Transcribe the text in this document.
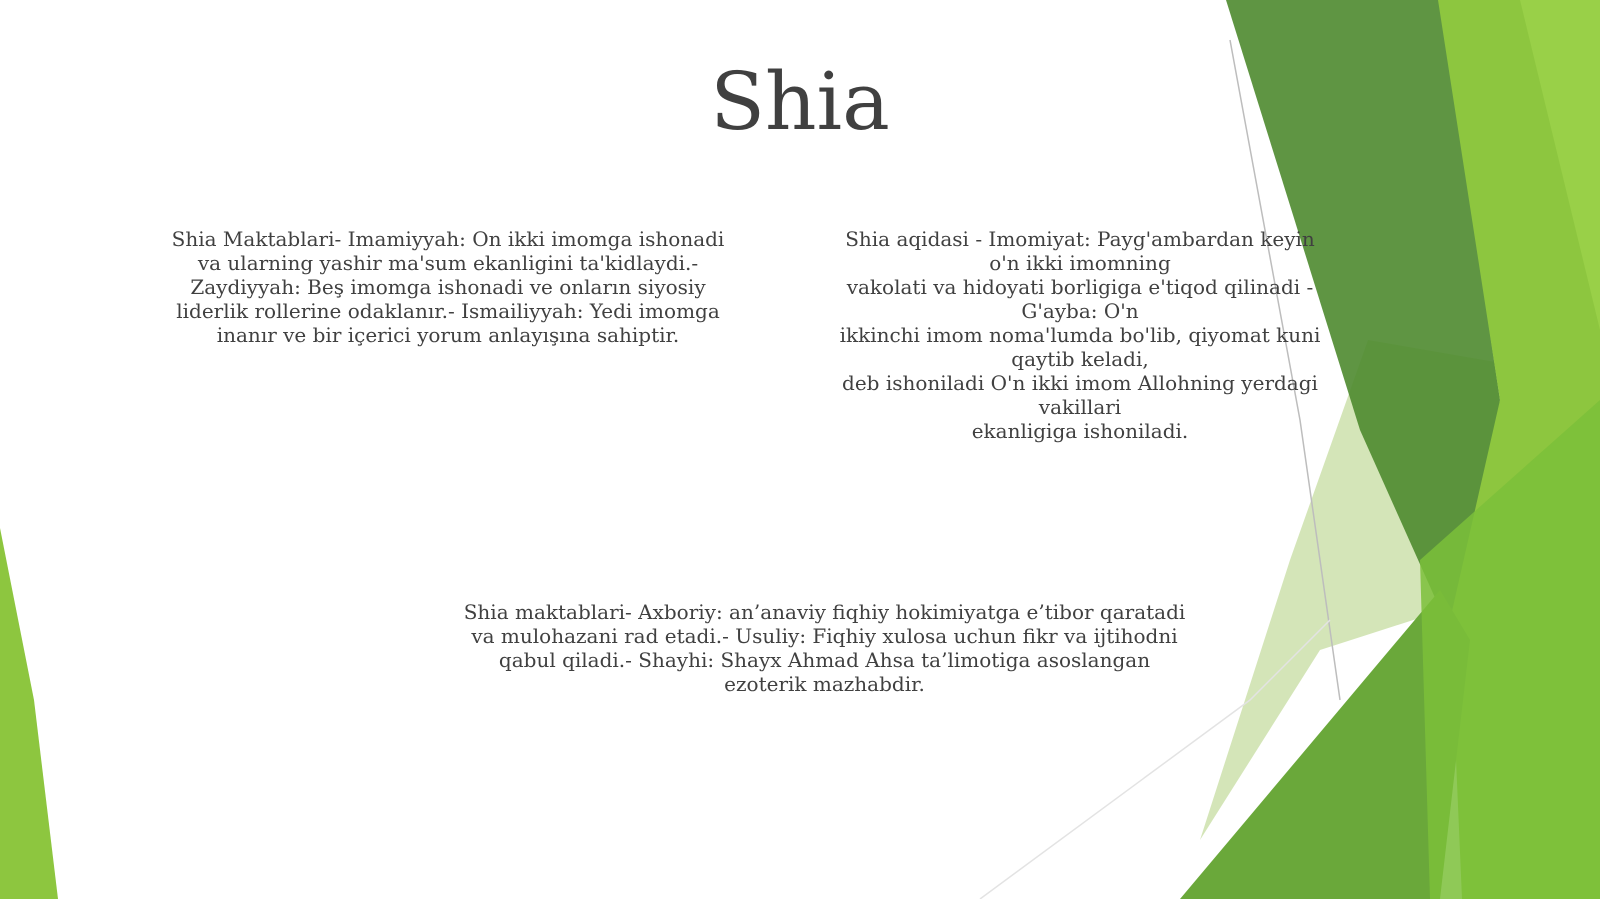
Shia
Shia Maktablari- Imamiyyah: On ikki imomga ishonadi va ularning yashir ma'sum ekanligini ta'kidlaydi.- Zaydiyyah: Beş imomga ishonadi ve onların siyosiy liderlik rollerine odaklanır.- Ismailiyyah: Yedi imomga inanır ve bir içerici yorum anlayışına sahiptir.
Shia aqidasi - Imomiyat: Payg'ambardan keyin o'n ikki imomning
vakolati va hidoyati borligiga e'tiqod qilinadi - G'ayba: O'n
ikkinchi imom noma'lumda bo'lib, qiyomat kuni qaytib keladi,
deb ishoniladi O'n ikki imom Allohning yerdagi vakillari
ekanligiga ishoniladi.
Shia maktablari- Axboriy: an’anaviy fiqhiy hokimiyatga e’tibor qaratadi va mulohazani rad etadi.- Usuliy: Fiqhiy xulosa uchun fikr va ijtihodni qabul qiladi.- Shayhi: Shayx Ahmad Ahsa ta’limotiga asoslangan ezoterik mazhabdir.
